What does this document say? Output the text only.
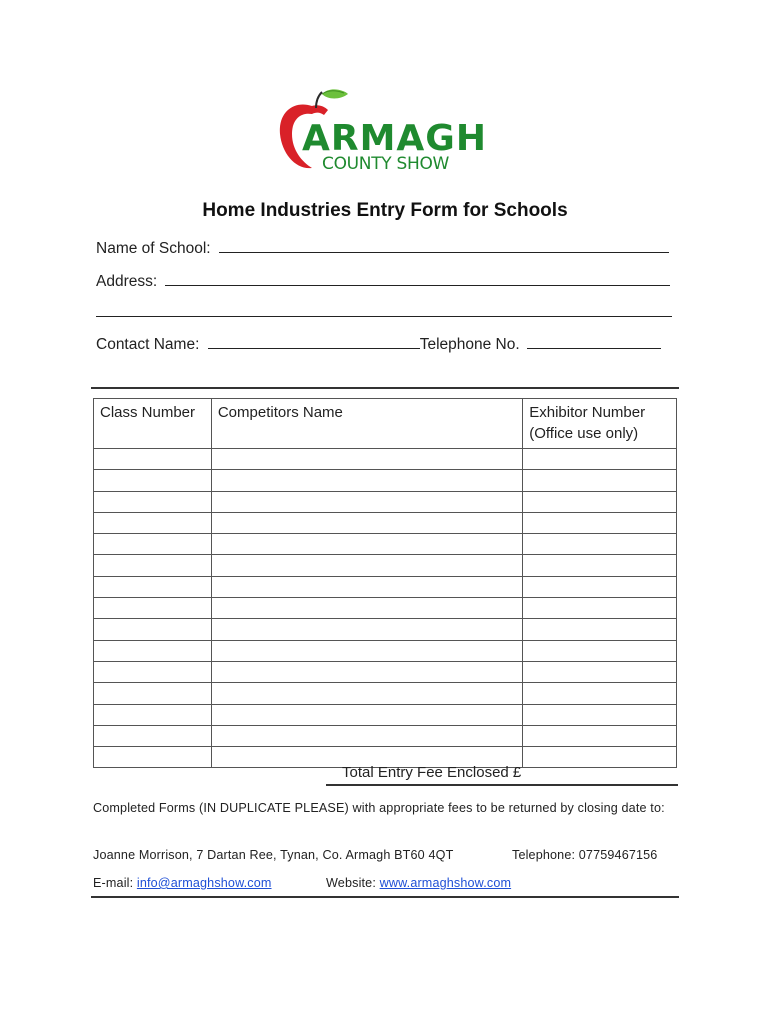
ARMAGH
COUNTY SHOW
Home Industries Entry Form for Schools
Name of School:
Address:
Contact Name:	Telephone No.
Class Number	Competitors Name	Exhibitor Number
(Office use only)

Total Entry Fee Enclosed £
Completed Forms (IN DUPLICATE PLEASE) with appropriate fees to be returned by closing date to:
Joanne Morrison, 7 Dartan Ree, Tynan, Co. Armagh BT60 4QT	Telephone: 07759467156
E-mail: info@armaghshow.com	Website: www.armaghshow.com
